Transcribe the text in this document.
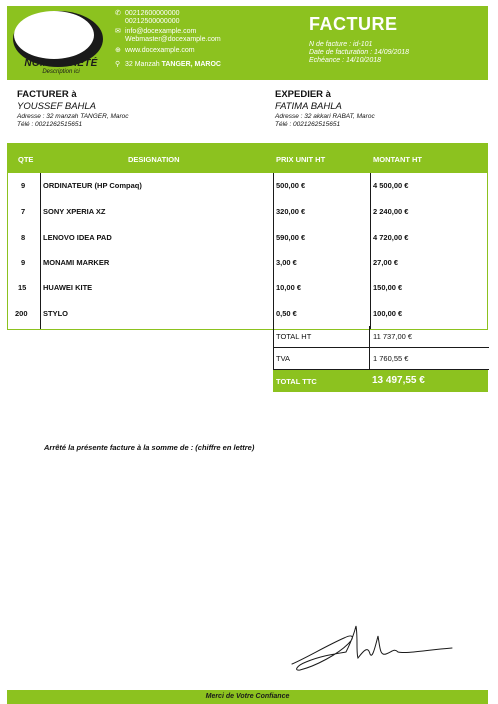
NOM SOCIÉTÉ
Description ici
✆ 00212600000000
00212500000000
✉ info@docexample.com
Webmaster@docexample.com
⊕ www.docexample.com
⚲ 32 Manzah TANGER, MAROC
FACTURE
N de facture : id-101
Date de facturation : 14/09/2018
Echéance : 14/10/2018
FACTURER à
YOUSSEF BAHLA
Adresse : 32 manzah TANGER, Maroc
Télé : 0021262515651
EXPEDIER à
FATIMA BAHLA
Adresse : 32 akkari RABAT, Maroc
Télé : 0021262515651
QTE	DESIGNATION	PRIX UNIT HT	MONTANT HT
9 ORDINATEUR (HP Compaq)	500,00 €	4 500,00 €
7 SONY XPERIA XZ	320,00 €	2 240,00 €
8 LENOVO IDEA PAD	590,00 €	4 720,00 €
9 MONAMI MARKER	3,00 €	27,00 €
15 HUAWEI KITE	10,00 €	150,00 €
200 STYLO	0,50 €	100,00 €
TOTAL HT	11 737,00 €
TVA	1 760,55 €
TOTAL TTC	13 497,55 €
Arrêté la présente facture à la somme de : (chiffre en lettre)
Merci de Votre Confiance
